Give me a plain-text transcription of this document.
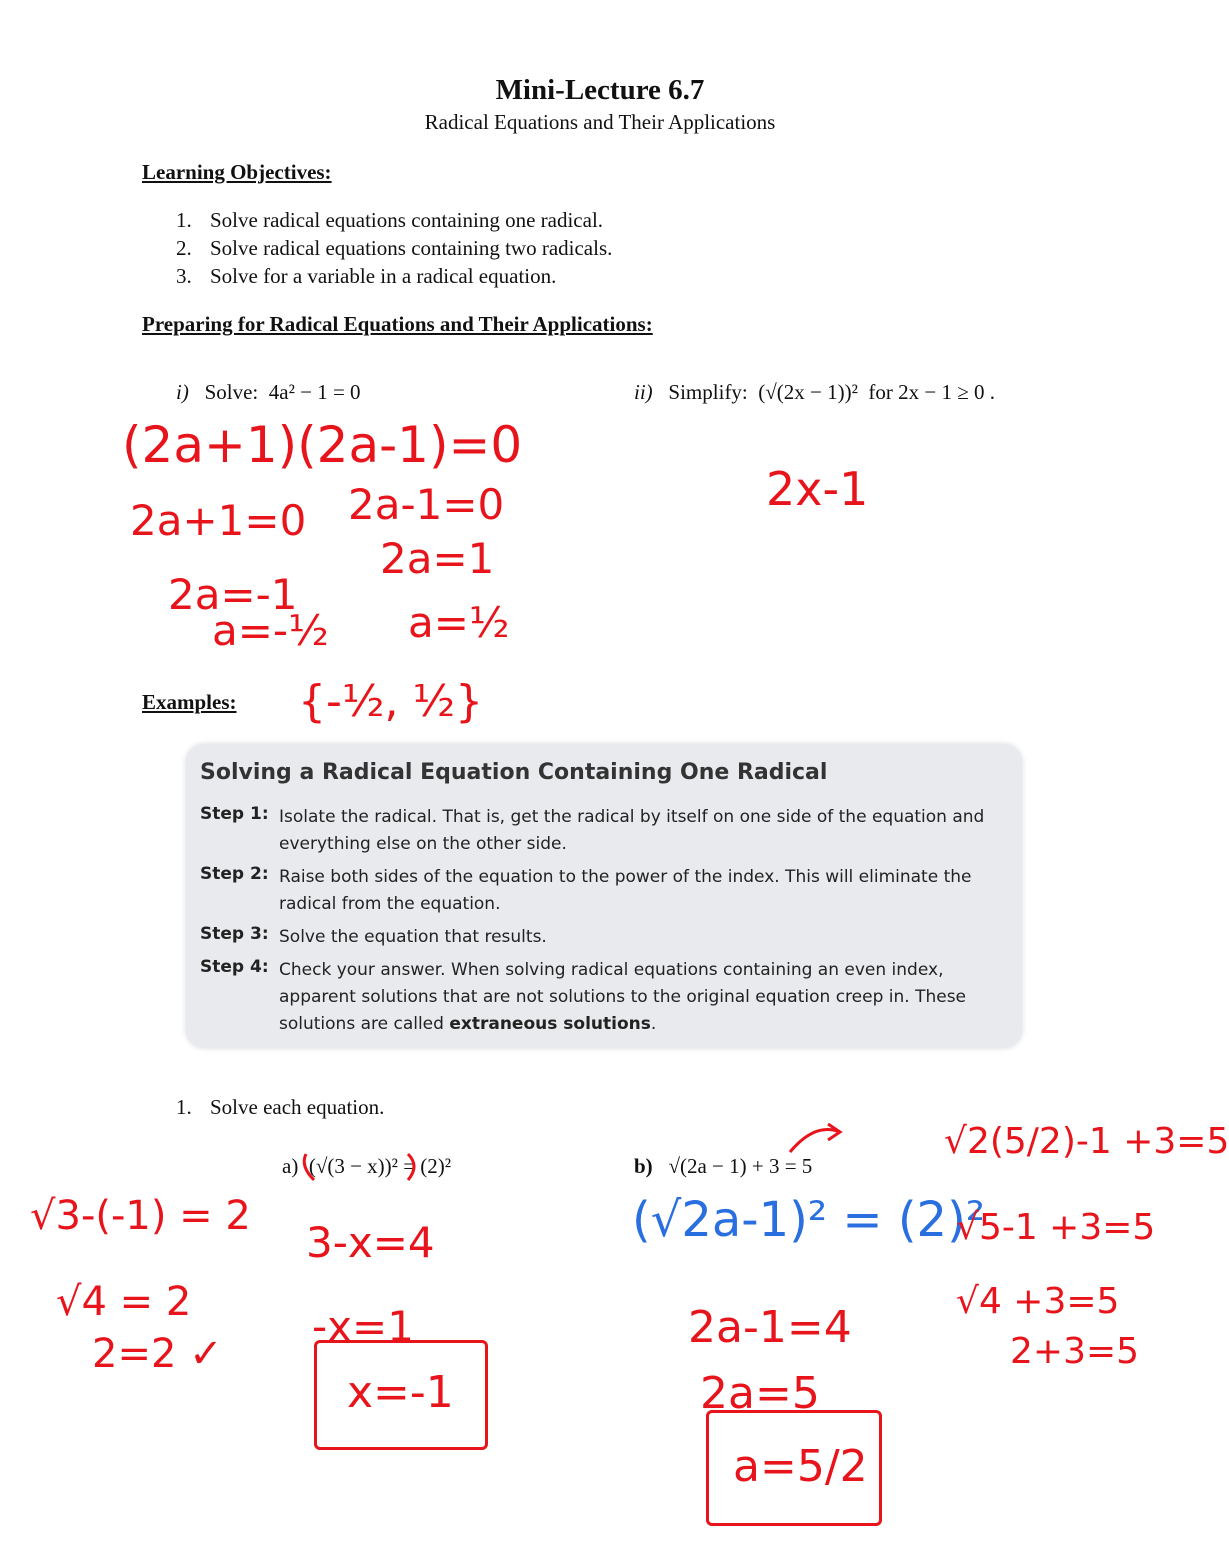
Mini-Lecture 6.7
Radical Equations and Their Applications
Learning Objectives:
1. Solve radical equations containing one radical.
2. Solve radical equations containing two radicals.
3. Solve for a variable in a radical equation.
Preparing for Radical Equations and Their Applications:
i) Solve: 4a² − 1 = 0	ii) Simplify: (√(2x − 1))² for 2x − 1 ≥ 0 .
(2a+1)(2a-1)=0
2a+1=0 2a-1=0
2a=1
2a=-1
a=-½ a=½
{-½, ½}
2x-1
Examples:
Solving a Radical Equation Containing One Radical
Step 1: Isolate the radical. That is, get the radical by itself on one side of the equation and everything else on the other side.
Step 2: Raise both sides of the equation to the power of the index. This will eliminate the radical from the equation.
Step 3: Solve the equation that results.
Step 4: Check your answer. When solving radical equations containing an even index, apparent solutions that are not solutions to the original equation creep in. These solutions are called extraneous solutions.
1. Solve each equation.
a) (√(3 − x))² = (2)²	b) √(2a − 1) + 3 = 5
√3-(-1) = 2
√4 = 2
2=2 ✓
3-x=4
-x=1
x=-1
(√2a-1)² = (2)²
2a-1=4
2a=5
a=5/2
√2(5/2)-1 +3=5
√5-1 +3=5
√4 +3=5
2+3=5
